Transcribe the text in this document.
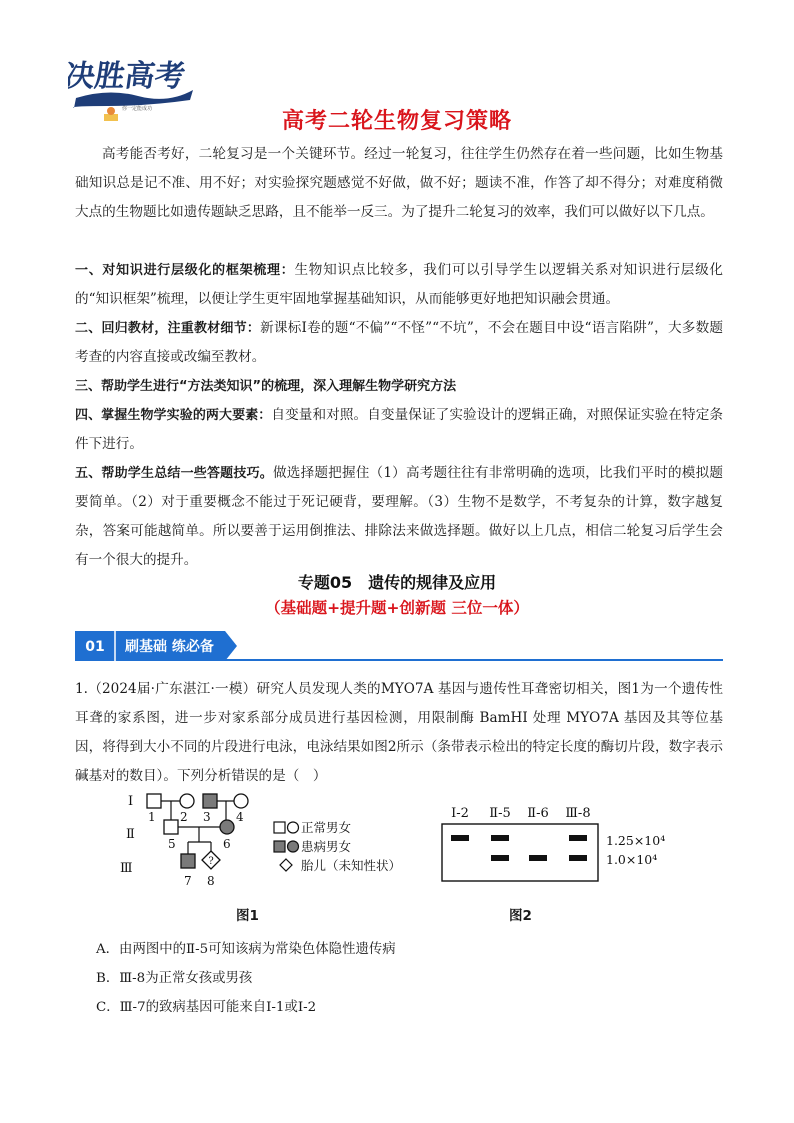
决胜高考
你一定能成功	高考二轮生物复习策略
高考能否考好，二轮复习是一个关键环节。经过一轮复习，往往学生仍然存在着一些问题，比如生物基础知识总是记不准、用不好；对实验探究题感觉不好做，做不好；题读不准，作答了却不得分；对难度稍微大点的生物题比如遗传题缺乏思路，且不能举一反三。为了提升二轮复习的效率，我们可以做好以下几点。
一、对知识进行层级化的框架梳理：生物知识点比较多，我们可以引导学生以逻辑关系对知识进行层级化的“知识框架”梳理，以便让学生更牢固地掌握基础知识，从而能够更好地把知识融会贯通。
二、回归教材，注重教材细节：新课标Ⅰ卷的题“不偏”“不怪”“不坑”，不会在题目中设“语言陷阱”，大多数题考查的内容直接或改编至教材。
三、帮助学生进行“方法类知识”的梳理，深入理解生物学研究方法
四、掌握生物学实验的两大要素：自变量和对照。自变量保证了实验设计的逻辑正确，对照保证实验在特定条件下进行。
五、帮助学生总结一些答题技巧。做选择题把握住（1）高考题往往有非常明确的选项，比我们平时的模拟题要简单。（2）对于重要概念不能过于死记硬背，要理解。（3）生物不是数学，不考复杂的计算，数字越复杂，答案可能越简单。所以要善于运用倒推法、排除法来做选择题。做好以上几点，相信二轮复习后学生会有一个很大的提升。
专题05　遗传的规律及应用
（基础题+提升题+创新题 三位一体）
01 刷基础 练必备
1.（2024届·广东湛江·一模）研究人员发现人类的MYO7A 基因与遗传性耳聋密切相关，图1为一个遗传性耳聋的家系图，进一步对家系部分成员进行基因检测，用限制酶 BamHI 处理 MYO7A 基因及其等位基因，将得到大小不同的片段进行电泳，电泳结果如图2所示（条带表示检出的特定长度的酶切片段，数字表示碱基对的数目）。下列分析错误的是（　）
Ⅰ
Ⅱ
Ⅲ
1 2 3 4
5	6
?
7 8
正常男女
患病男女
胎儿（未知性状）
Ⅰ-2 Ⅱ-5 Ⅱ-6 Ⅲ-8
1.25×10⁴
1.0×10⁴
图1	图2
A．由两图中的Ⅱ-5可知该病为常染色体隐性遗传病
B．Ⅲ-8为正常女孩或男孩
C．Ⅲ-7的致病基因可能来自Ⅰ-1或Ⅰ-2
